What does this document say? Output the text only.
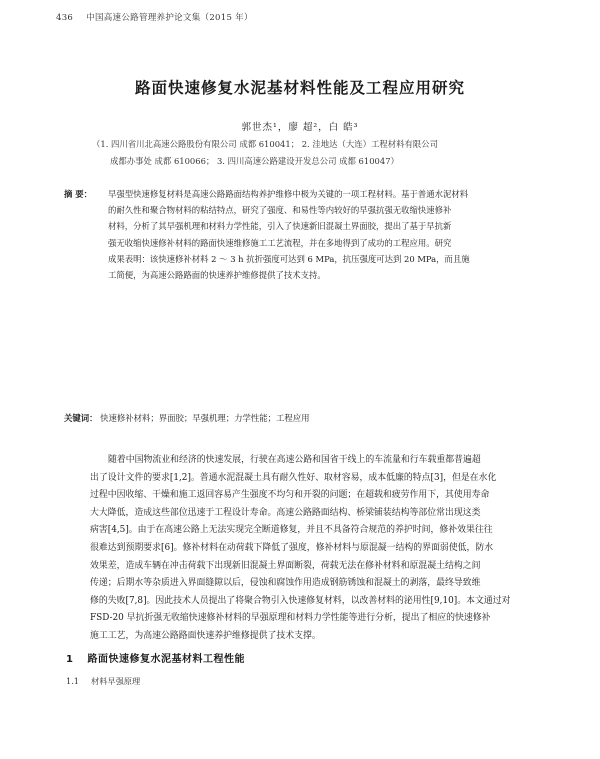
436 中国高速公路管理养护论文集（2015 年）
路面快速修复水泥基材料性能及工程应用研究
郭世杰¹，廖 超²，白 皓³
（1. 四川省川北高速公路股份有限公司 成都 610041； 2. 洼地达（大连）工程材料有限公司
成都办事处 成都 610066； 3. 四川高速公路建设开发总公司 成都 610047）
摘 要： 早强型快速修复材料是高速公路路面结构养护维修中极为关键的一项工程材料。基于普通水泥材料
的耐久性和聚合物材料的粘结特点，研究了强度、和易性等内较好的早强抗强无收缩快速修补
材料，分析了其早强机理和材料力学性能，引入了快速新旧混凝土界面胶，提出了基于早抗新
强无收缩快速修补材料的路面快速维修施工工艺流程，并在多地得到了成功的工程应用。研究
成果表明：该快速修补材料 2 ～ 3 h 抗折强度可达到 6 MPa，抗压强度可达到 20 MPa，而且施
工简便，为高速公路路面的快速养护维修提供了技术支持。
关键词： 快速修补材料；界面胶；早强机理；力学性能；工程应用

随着中国物流业和经济的快速发展，行驶在高速公路和国省干线上的车流量和行车载重都普遍超

出了设计文件的要求[1,2]。普通水泥混凝土具有耐久性好、取材容易，成本低廉的特点[3]，但是在水化

过程中因收缩、干燥和施工返回容易产生强度不均匀和开裂的问题；在超载和疲劳作用下，其使用寿命

大大降低，造成这些部位迅速于工程设计寿命。高速公路路面结构、桥梁铺装结构等部位常出现这类

病害[4,5]。由于在高速公路上无法实现完全断道修复，并且不具备符合规范的养护时间，修补效果往往

很难达到预期要求[6]。修补材料在动荷载下降低了强度，修补材料与原混凝一结构的界面弱使低，防水

效果差，造成车辆在冲击荷载下出现新旧混凝土界面断裂，荷载无法在修补材料和原混凝土结构之间

传递；后期水等杂质进入界面缝隙以后，侵蚀和腐蚀作用造成钢筋锈蚀和混凝土的剥落，最终导致维

修的失败[7,8]。因此技术人员提出了将聚合物引入快速修复材料，以改善材料的泌用性[9,10]。本文通过对

FSD-20 早抗折强无收缩快速修补材料的早强原理和材料力学性能等进行分析，提出了相应的快速修补

施工工艺，为高速公路路面快速养护维修提供了技术支撑。

1 路面快速修复水泥基材料工程性能
1.1 材料早强原理
